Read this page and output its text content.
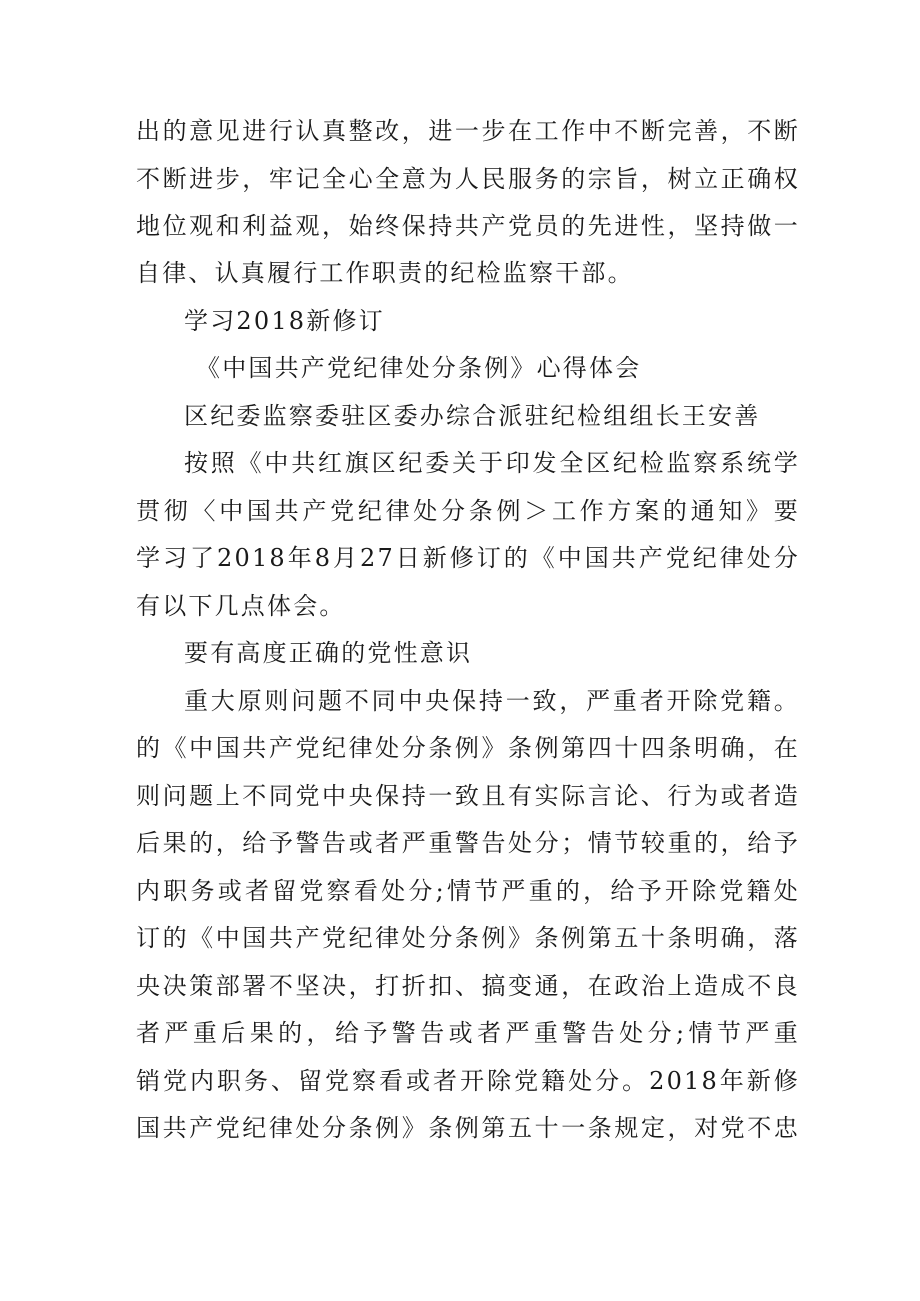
出的意见进行认真整改，进一步在工作中不断完善，不断
不断进步，牢记全心全意为人民服务的宗旨，树立正确权
地位观和利益观，始终保持共产党员的先进性，坚持做一
自律、认真履行工作职责的纪检监察干部。
学习2018新修订
《中国共产党纪律处分条例》心得体会
区纪委监察委驻区委办综合派驻纪检组组长王安善
按照《中共红旗区纪委关于印发全区纪检监察系统学
贯彻〈中国共产党纪律处分条例＞工作方案的通知》要
学习了2018年8月27日新修订的《中国共产党纪律处分
有以下几点体会。
要有高度正确的党性意识
重大原则问题不同中央保持一致，严重者开除党籍。
的《中国共产党纪律处分条例》条例第四十四条明确，在
则问题上不同党中央保持一致且有实际言论、行为或者造
后果的，给予警告或者严重警告处分；情节较重的，给予
内职务或者留党察看处分;情节严重的，给予开除党籍处
订的《中国共产党纪律处分条例》条例第五十条明确，落
央决策部署不坚决，打折扣、搞变通，在政治上造成不良
者严重后果的，给予警告或者严重警告处分;情节严重
销党内职务、留党察看或者开除党籍处分。2018年新修
国共产党纪律处分条例》条例第五十一条规定，对党不忠
